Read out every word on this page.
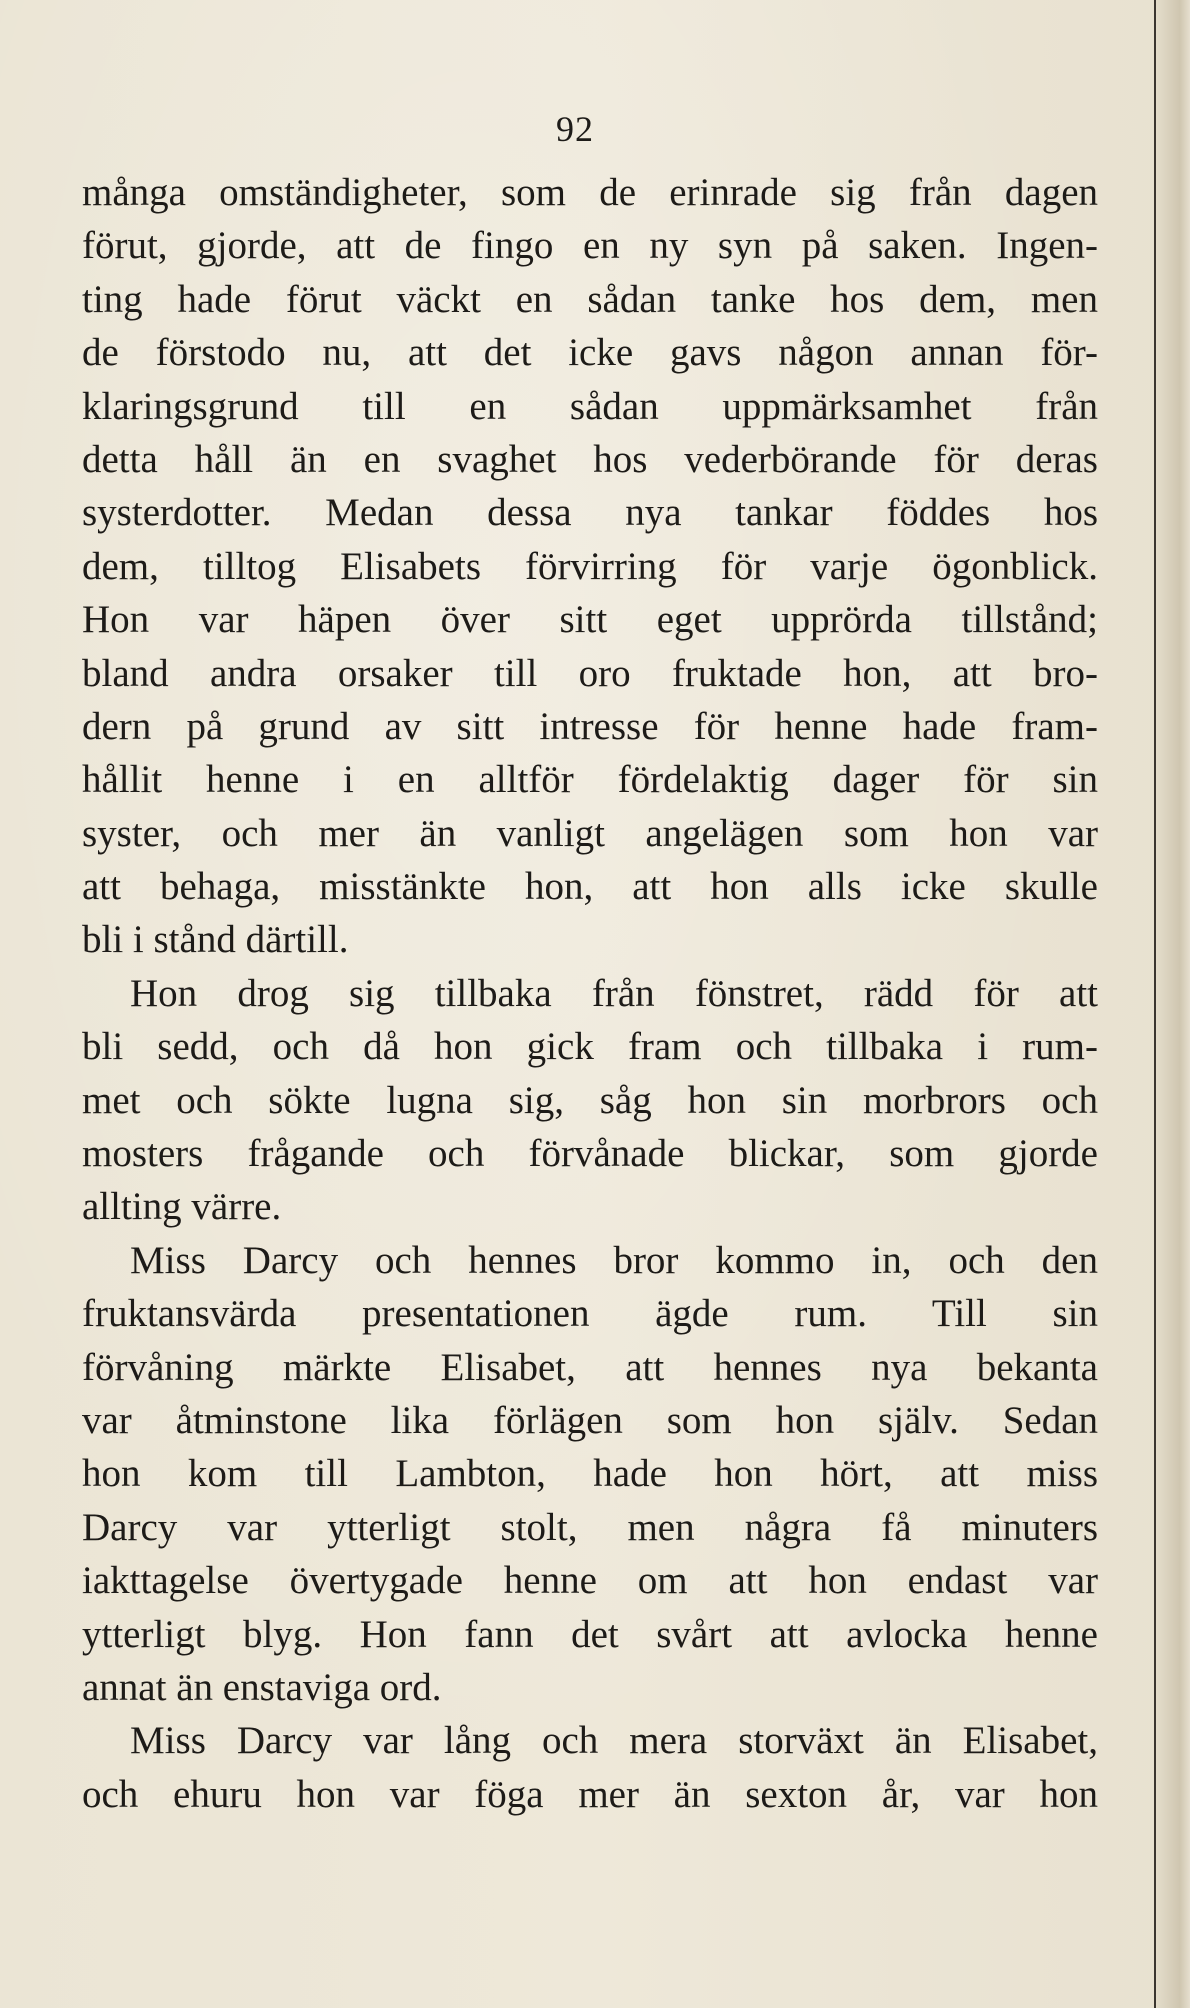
92
många omständigheter, som de erinrade sig från dagen
förut, gjorde, att de fingo en ny syn på saken. Ingen-
ting hade förut väckt en sådan tanke hos dem, men
de förstodo nu, att det icke gavs någon annan för-
klaringsgrund till en sådan uppmärksamhet från
detta håll än en svaghet hos vederbörande för deras
systerdotter. Medan dessa nya tankar föddes hos
dem, tilltog Elisabets förvirring för varje ögonblick.
Hon var häpen över sitt eget upprörda tillstånd;
bland andra orsaker till oro fruktade hon, att bro-
dern på grund av sitt intresse för henne hade fram-
hållit henne i en alltför fördelaktig dager för sin
syster, och mer än vanligt angelägen som hon var
att behaga, misstänkte hon, att hon alls icke skulle
bli i stånd därtill.
Hon drog sig tillbaka från fönstret, rädd för att
bli sedd, och då hon gick fram och tillbaka i rum-
met och sökte lugna sig, såg hon sin morbrors och
mosters frågande och förvånade blickar, som gjorde
allting värre.
Miss Darcy och hennes bror kommo in, och den
fruktansvärda presentationen ägde rum. Till sin
förvåning märkte Elisabet, att hennes nya bekanta
var åtminstone lika förlägen som hon själv. Sedan
hon kom till Lambton, hade hon hört, att miss
Darcy var ytterligt stolt, men några få minuters
iakttagelse övertygade henne om att hon endast var
ytterligt blyg. Hon fann det svårt att avlocka henne
annat än enstaviga ord.
Miss Darcy var lång och mera storväxt än Elisabet,
och ehuru hon var föga mer än sexton år, var hon
